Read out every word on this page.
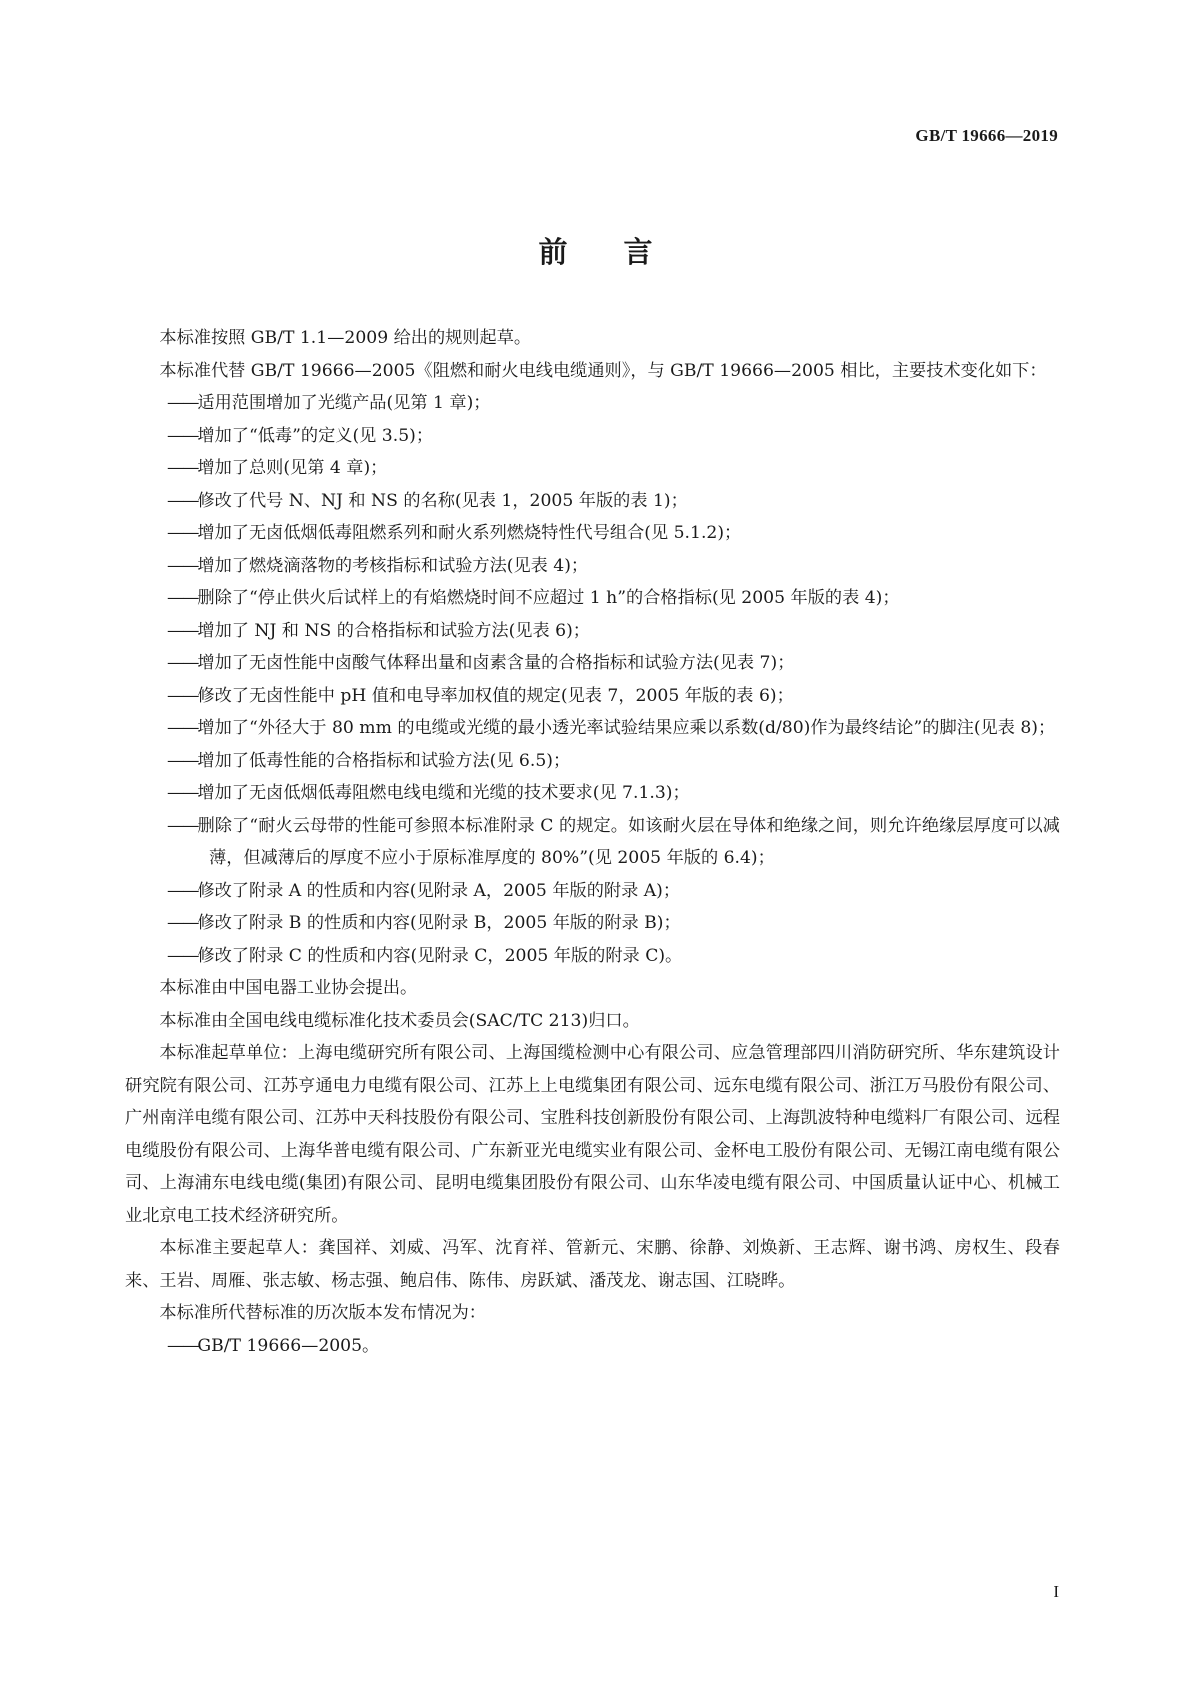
GB/T 19666—2019
前言

本标准按照 GB/T 1.1—2009 给出的规则起草。

本标准代替 GB/T 19666—2005《阻燃和耐火电线电缆通则》，与 GB/T 19666—2005 相比，主要技术变化如下：

——适用范围增加了光缆产品(见第 1 章)；

——增加了“低毒”的定义(见 3.5)；

——增加了总则(见第 4 章)；

——修改了代号 N、NJ 和 NS 的名称(见表 1，2005 年版的表 1)；

——增加了无卤低烟低毒阻燃系列和耐火系列燃烧特性代号组合(见 5.1.2)；

——增加了燃烧滴落物的考核指标和试验方法(见表 4)；

——删除了“停止供火后试样上的有焰燃烧时间不应超过 1 h”的合格指标(见 2005 年版的表 4)；

——增加了 NJ 和 NS 的合格指标和试验方法(见表 6)；

——增加了无卤性能中卤酸气体释出量和卤素含量的合格指标和试验方法(见表 7)；

——修改了无卤性能中 pH 值和电导率加权值的规定(见表 7，2005 年版的表 6)；

——增加了“外径大于 80 mm 的电缆或光缆的最小透光率试验结果应乘以系数(d/80)作为最终结论”的脚注(见表 8)；

——增加了低毒性能的合格指标和试验方法(见 6.5)；

——增加了无卤低烟低毒阻燃电线电缆和光缆的技术要求(见 7.1.3)；

——删除了“耐火云母带的性能可参照本标准附录 C 的规定。如该耐火层在导体和绝缘之间，则允许绝缘层厚度可以减薄，但减薄后的厚度不应小于原标准厚度的 80%”(见 2005 年版的 6.4)；

——修改了附录 A 的性质和内容(见附录 A，2005 年版的附录 A)；

——修改了附录 B 的性质和内容(见附录 B，2005 年版的附录 B)；

——修改了附录 C 的性质和内容(见附录 C，2005 年版的附录 C)。

本标准由中国电器工业协会提出。

本标准由全国电线电缆标准化技术委员会(SAC/TC 213)归口。

本标准起草单位：上海电缆研究所有限公司、上海国缆检测中心有限公司、应急管理部四川消防研究所、华东建筑设计研究院有限公司、江苏亨通电力电缆有限公司、江苏上上电缆集团有限公司、远东电缆有限公司、浙江万马股份有限公司、广州南洋电缆有限公司、江苏中天科技股份有限公司、宝胜科技创新股份有限公司、上海凯波特种电缆料厂有限公司、远程电缆股份有限公司、上海华普电缆有限公司、广东新亚光电缆实业有限公司、金杯电工股份有限公司、无锡江南电缆有限公司、上海浦东电线电缆(集团)有限公司、昆明电缆集团股份有限公司、山东华凌电缆有限公司、中国质量认证中心、机械工业北京电工技术经济研究所。

本标准主要起草人：龚国祥、刘威、冯军、沈育祥、管新元、宋鹏、徐静、刘焕新、王志辉、谢书鸿、房权生、段春来、王岩、周雁、张志敏、杨志强、鲍启伟、陈伟、房跃斌、潘茂龙、谢志国、江晓晔。

本标准所代替标准的历次版本发布情况为：

——GB/T 19666—2005。

I
